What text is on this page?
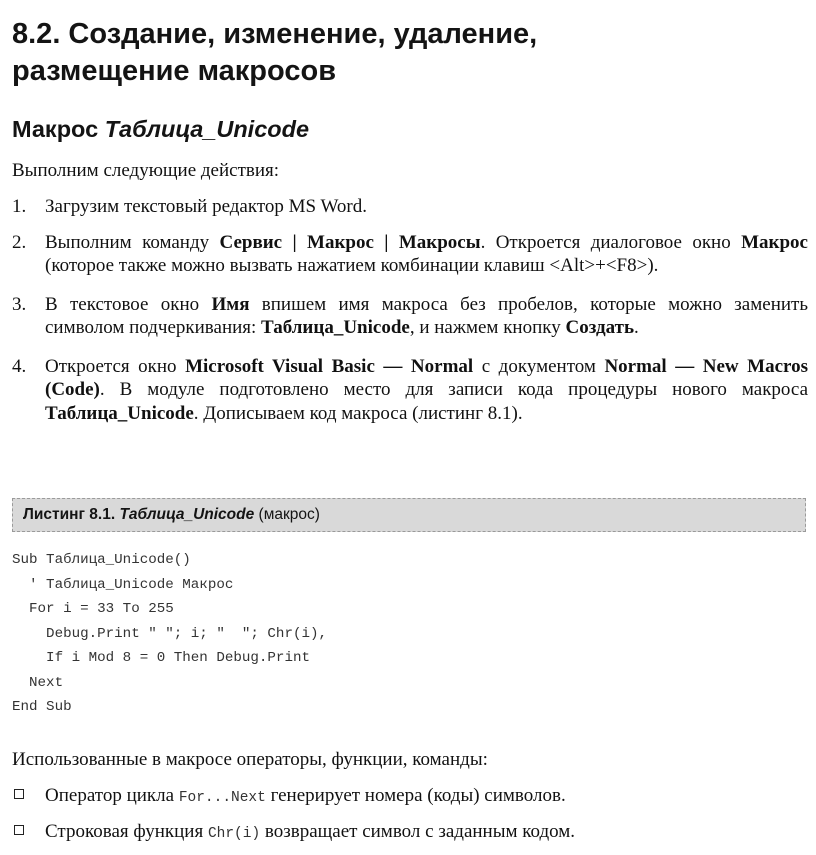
8.2. Создание, изменение, удаление,
размещение макросов
Макрос Таблица_Unicode
Выполним следующие действия:
1. Загрузим текстовый редактор MS Word.
2. Выполним команду Сервис | Макрос | Макросы. Откроется диалоговое окно Макрос (которое также можно вызвать нажатием комбинации клавиш <Alt>+<F8>).
3. В текстовое окно Имя впишем имя макроса без пробелов, которые можно заменить символом подчеркивания: Таблица_Unicode, и нажмем кнопку Создать.
4. Откроется окно Microsoft Visual Basic — Normal с документом Normal — New Macros (Code). В модуле подготовлено место для записи кода процедуры нового макроса Таблица_Unicode. Дописываем код макроса (листинг 8.1).
Листинг 8.1. Таблица_Unicode (макрос)
Sub Таблица_Unicode()
' Таблица_Unicode Макрос
For i = 33 To 255
Debug.Print " "; i; "  "; Chr(i),
If i Mod 8 = 0 Then Debug.Print
Next
End Sub
Использованные в макросе операторы, функции, команды:
Оператор цикла For...Next генерирует номера (коды) символов.
Строковая функция Chr(i) возвращает символ с заданным кодом.
